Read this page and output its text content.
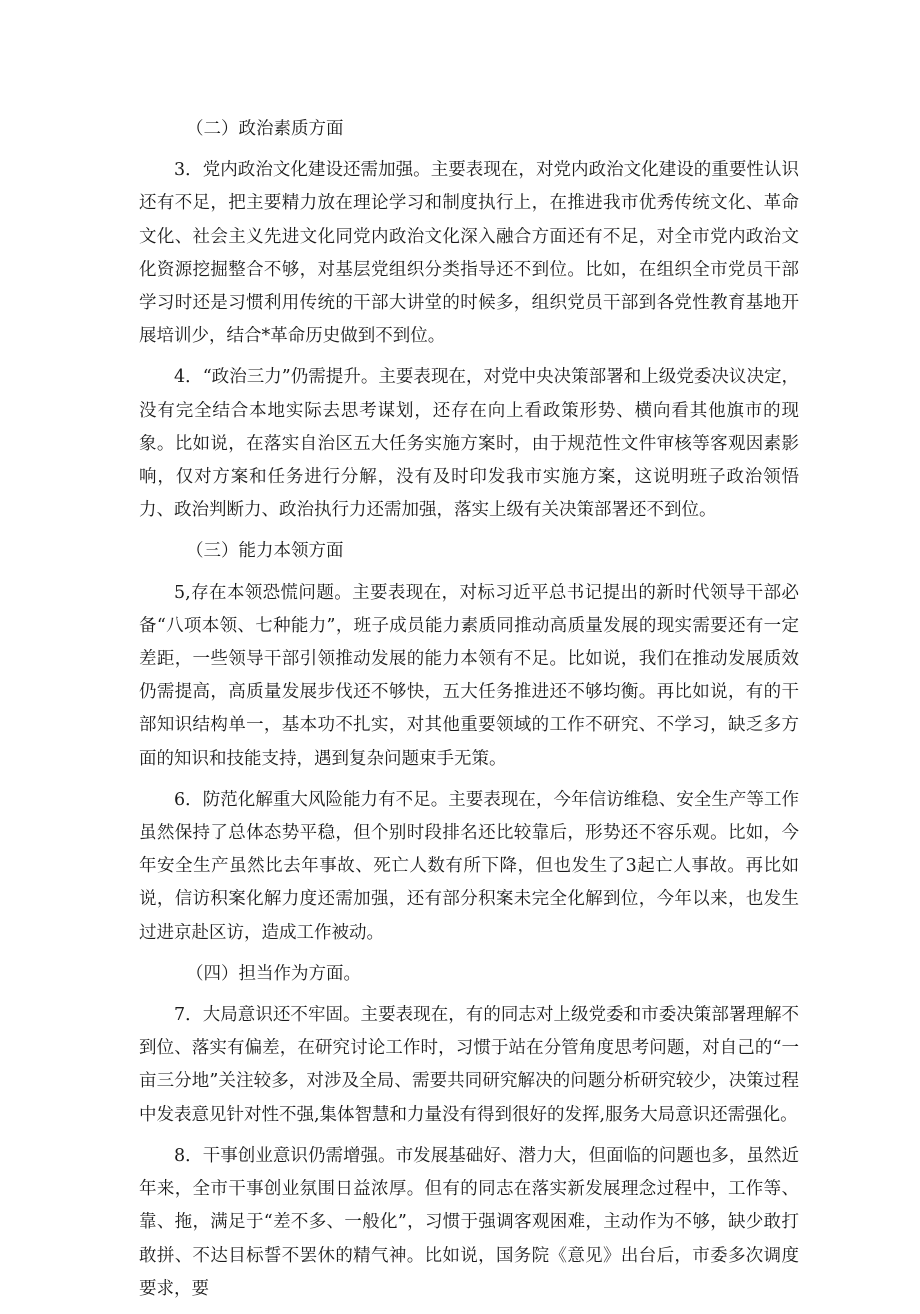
（二）政治素质方面

3．党内政治文化建设还需加强。主要表现在，对党内政治文化建设的重要性认识还有不足，把主要精力放在理论学习和制度执行上，在推进我市优秀传统文化、革命文化、社会主义先进文化同党内政治文化深入融合方面还有不足，对全市党内政治文化资源挖掘整合不够，对基层党组织分类指导还不到位。比如，在组织全市党员干部学习时还是习惯利用传统的干部大讲堂的时候多，组织党员干部到各党性教育基地开展培训少，结合*革命历史做到不到位。

4．“政治三力”仍需提升。主要表现在，对党中央决策部署和上级党委决议决定，没有完全结合本地实际去思考谋划，还存在向上看政策形势、横向看其他旗市的现象。比如说，在落实自治区五大任务实施方案时，由于规范性文件审核等客观因素影响，仅对方案和任务进行分解，没有及时印发我市实施方案，这说明班子政治领悟力、政治判断力、政治执行力还需加强，落实上级有关决策部署还不到位。

（三）能力本领方面

5,存在本领恐慌问题。主要表现在，对标习近平总书记提出的新时代领导干部必备“八项本领、七种能力”，班子成员能力素质同推动高质量发展的现实需要还有一定差距，一些领导干部引领推动发展的能力本领有不足。比如说，我们在推动发展质效仍需提高，高质量发展步伐还不够快，五大任务推进还不够均衡。再比如说，有的干部知识结构单一，基本功不扎实，对其他重要领域的工作不研究、不学习，缺乏多方面的知识和技能支持，遇到复杂问题束手无策。

6．防范化解重大风险能力有不足。主要表现在，今年信访维稳、安全生产等工作虽然保持了总体态势平稳，但个别时段排名还比较靠后，形势还不容乐观。比如，今年安全生产虽然比去年事故、死亡人数有所下降，但也发生了3起亡人事故。再比如说，信访积案化解力度还需加强，还有部分积案未完全化解到位，今年以来，也发生过进京赴区访，造成工作被动。

（四）担当作为方面。

7．大局意识还不牢固。主要表现在，有的同志对上级党委和市委决策部署理解不到位、落实有偏差，在研究讨论工作时，习惯于站在分管角度思考问题，对自己的“一亩三分地”关注较多，对涉及全局、需要共同研究解决的问题分析研究较少，决策过程中发表意见针对性不强,集体智慧和力量没有得到很好的发挥,服务大局意识还需强化。

8．干事创业意识仍需增强。市发展基础好、潜力大，但面临的问题也多，虽然近年来，全市干事创业氛围日益浓厚。但有的同志在落实新发展理念过程中，工作等、靠、拖，满足于“差不多、一般化”，习惯于强调客观困难，主动作为不够，缺少敢打敢拼、不达目标誓不罢休的精气神。比如说，国务院《意见》出台后，市委多次调度要求，要
